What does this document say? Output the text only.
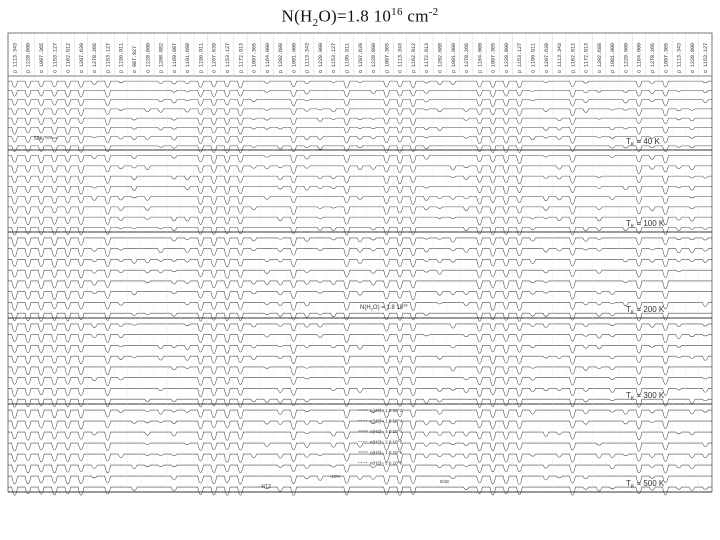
$N(H_2O)=1.8$ $10^{16}$ $cm^{-2}$
p 1113.343 p 1228.800 o 1097.365 o 1153.127 o 1162.912 o 1207.639 o 1278.266 p 1153.127 p 1190.911 o 987.927 o 1228.800 p 1208.882 o 1169.887 o 1101.698 p 1190.911 o 1207.639 o 1153.127 p 1172.913 o 1097.365 o 1164.000 p 1202.688 o 1081.000 p 1113.343 o 1229.000 o 1153.127 p 1190.911 o 1207.639 o 1228.800 p 1097.365 o 1113.343 p 1162.912 o 1172.913 o 1202.688 p 1081.000 o 1278.266 p 1164.000 o 1097.365 o 1228.800 p 1153.127 o 1190.911 o 1207.639 o 1113.343 p 1162.912 o 1172.913 o 1202.688 p 1081.000 o 1229.000 o 1164.000 p 1278.266 o 1097.365 p 1113.343 o 1228.800 o 1153.127
$T_K = 40$ K
$T_K = 100$ K
$T_K = 200$ K
$T_K = 300$ K
$T_K = 500$ K
50K
$N(H_2O) = 1.8$ $10^{16}$
n(H2)= 1.0 10^2
n(H2)= 1.0 10^4
n(H2)= 4.0 10^4
n(H2)= 2.0 10^5
n(H2)= 1.0 10^6
n(H2)= 5.0 10^6
- 4/12
-10%
8/18
